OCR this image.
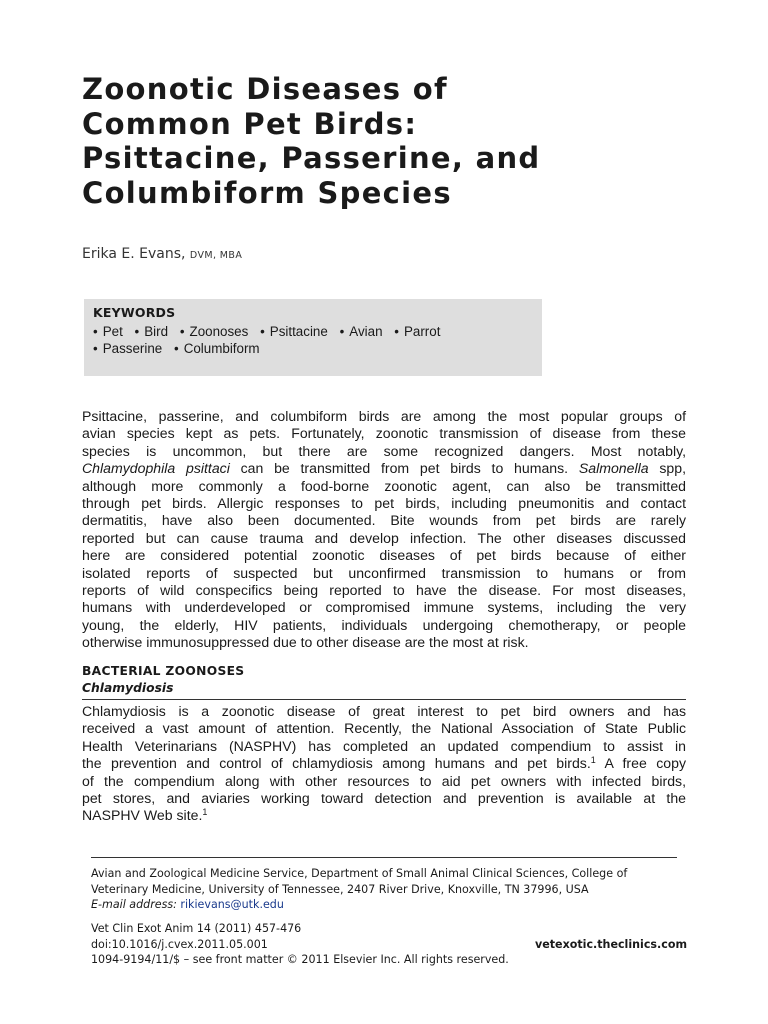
Zoonotic Diseases of
Common Pet Birds:
Psittacine, Passerine, and
Columbiform Species
Erika E. Evans, DVM, MBA
KEYWORDS
• Pet • Bird • Zoonoses • Psittacine • Avian • Parrot
• Passerine • Columbiform
Psittacine, passerine, and columbiform birds are among the most popular groups of
avian species kept as pets. Fortunately, zoonotic transmission of disease from these
species is uncommon, but there are some recognized dangers. Most notably,
Chlamydophila psittaci can be transmitted from pet birds to humans. Salmonella spp,
although more commonly a food-borne zoonotic agent, can also be transmitted
through pet birds. Allergic responses to pet birds, including pneumonitis and contact
dermatitis, have also been documented. Bite wounds from pet birds are rarely
reported but can cause trauma and develop infection. The other diseases discussed
here are considered potential zoonotic diseases of pet birds because of either
isolated reports of suspected but unconfirmed transmission to humans or from
reports of wild conspecifics being reported to have the disease. For most diseases,
humans with underdeveloped or compromised immune systems, including the very
young, the elderly, HIV patients, individuals undergoing chemotherapy, or people
otherwise immunosuppressed due to other disease are the most at risk.
BACTERIAL ZOONOSES
Chlamydiosis
Chlamydiosis is a zoonotic disease of great interest to pet bird owners and has
received a vast amount of attention. Recently, the National Association of State Public
Health Veterinarians (NASPHV) has completed an updated compendium to assist in
the prevention and control of chlamydiosis among humans and pet birds.$^1$ A free copy
of the compendium along with other resources to aid pet owners with infected birds,
pet stores, and aviaries working toward detection and prevention is available at the
NASPHV Web site.$^1$
Avian and Zoological Medicine Service, Department of Small Animal Clinical Sciences, College of
Veterinary Medicine, University of Tennessee, 2407 River Drive, Knoxville, TN 37996, USA
E-mail address: rikievans@utk.edu
Vet Clin Exot Anim 14 (2011) 457-476
doi:10.1016/j.cvex.2011.05.001	vetexotic.theclinics.com
1094-9194/11/$ – see front matter © 2011 Elsevier Inc. All rights reserved.
